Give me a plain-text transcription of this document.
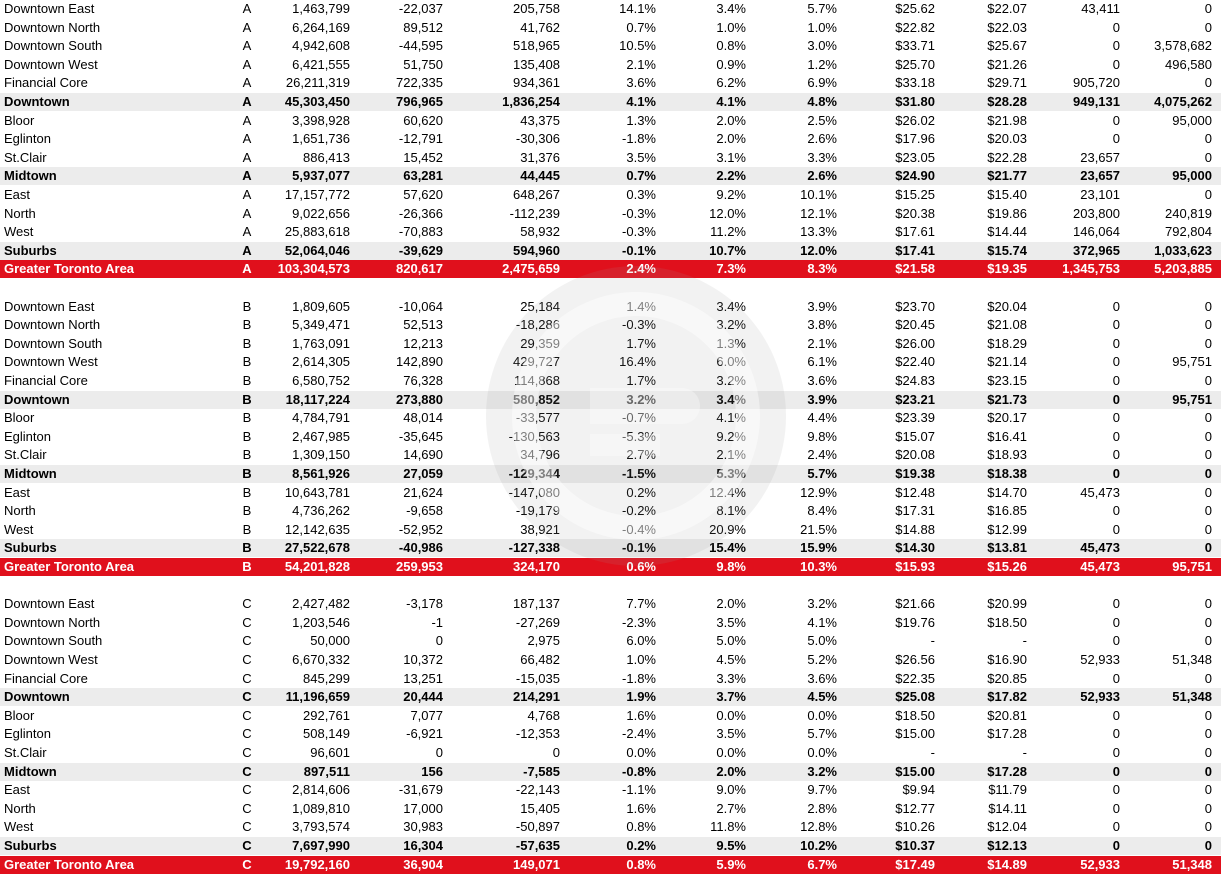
Downtown East	A	1,463,799	-22,037	205,758	14.1%	3.4%	5.7%	$25.62	$22.07	43,411	0
Downtown North	A	6,264,169	89,512	41,762	0.7%	1.0%	1.0%	$22.82	$22.03	0	0
Downtown South	A	4,942,608	-44,595	518,965	10.5%	0.8%	3.0%	$33.71	$25.67	0	3,578,682
Downtown West	A	6,421,555	51,750	135,408	2.1%	0.9%	1.2%	$25.70	$21.26	0	496,580
Financial Core	A	26,211,319	722,335	934,361	3.6%	6.2%	6.9%	$33.18	$29.71	905,720	0
Downtown	A	45,303,450	796,965	1,836,254	4.1%	4.1%	4.8%	$31.80	$28.28	949,131	4,075,262
Bloor	A	3,398,928	60,620	43,375	1.3%	2.0%	2.5%	$26.02	$21.98	0	95,000
Eglinton	A	1,651,736	-12,791	-30,306	-1.8%	2.0%	2.6%	$17.96	$20.03	0	0
St.Clair	A	886,413	15,452	31,376	3.5%	3.1%	3.3%	$23.05	$22.28	23,657	0
Midtown	A	5,937,077	63,281	44,445	0.7%	2.2%	2.6%	$24.90	$21.77	23,657	95,000
East	A	17,157,772	57,620	648,267	0.3%	9.2%	10.1%	$15.25	$15.40	23,101	0
North	A	9,022,656	-26,366	-112,239	-0.3%	12.0%	12.1%	$20.38	$19.86	203,800	240,819
West	A	25,883,618	-70,883	58,932	-0.3%	11.2%	13.3%	$17.61	$14.44	146,064	792,804
Suburbs	A	52,064,046	-39,629	594,960	-0.1%	10.7%	12.0%	$17.41	$15.74	372,965	1,033,623
Greater Toronto Area	A 103,304,573	820,617	2,475,659	2.4%	7.3%	8.3%	$21.58	$19.35	1,345,753	5,203,885
Downtown East	B	1,809,605	-10,064	25,184	1.4%	3.4%	3.9%	$23.70	$20.04	0	0
Downtown North	B	5,349,471	52,513	-18,286	-0.3%	3.2%	3.8%	$20.45	$21.08	0	0
Downtown South	B	1,763,091	12,213	29,359	1.7%	1.3%	2.1%	$26.00	$18.29	0	0
Downtown West	B	2,614,305	142,890	429,727	16.4%	6.0%	6.1%	$22.40	$21.14	0	95,751
Financial Core	B	6,580,752	76,328	114,868	1.7%	3.2%	3.6%	$24.83	$23.15	0	0
Downtown	B	18,117,224	273,880	580,852	3.2%	3.4%	3.9%	$23.21	$21.73	0	95,751
Bloor	B	4,784,791	48,014	-33,577	-0.7%	4.1%	4.4%	$23.39	$20.17	0	0
Eglinton	B	2,467,985	-35,645	-130,563	-5.3%	9.2%	9.8%	$15.07	$16.41	0	0
St.Clair	B	1,309,150	14,690	34,796	2.7%	2.1%	2.4%	$20.08	$18.93	0	0
Midtown	B	8,561,926	27,059	-129,344	-1.5%	5.3%	5.7%	$19.38	$18.38	0	0
East	B	10,643,781	21,624	-147,080	0.2%	12.4%	12.9%	$12.48	$14.70	45,473	0
North	B	4,736,262	-9,658	-19,179	-0.2%	8.1%	8.4%	$17.31	$16.85	0	0
West	B	12,142,635	-52,952	38,921	-0.4%	20.9%	21.5%	$14.88	$12.99	0	0
Suburbs	B	27,522,678	-40,986	-127,338	-0.1%	15.4%	15.9%	$14.30	$13.81	45,473	0
Greater Toronto Area	B	54,201,828	259,953	324,170	0.6%	9.8%	10.3%	$15.93	$15.26	45,473	95,751
Downtown East	C	2,427,482	-3,178	187,137	7.7%	2.0%	3.2%	$21.66	$20.99	0	0
Downtown North	C	1,203,546	-1	-27,269	-2.3%	3.5%	4.1%	$19.76	$18.50	0	0
Downtown South	C	50,000	0	2,975	6.0%	5.0%	5.0%	-	-	0	0
Downtown West	C	6,670,332	10,372	66,482	1.0%	4.5%	5.2%	$26.56	$16.90	52,933	51,348
Financial Core	C	845,299	13,251	-15,035	-1.8%	3.3%	3.6%	$22.35	$20.85	0	0
Downtown	C	11,196,659	20,444	214,291	1.9%	3.7%	4.5%	$25.08	$17.82	52,933	51,348
Bloor	C	292,761	7,077	4,768	1.6%	0.0%	0.0%	$18.50	$20.81	0	0
Eglinton	C	508,149	-6,921	-12,353	-2.4%	3.5%	5.7%	$15.00	$17.28	0	0
St.Clair	C	96,601	0	0	0.0%	0.0%	0.0%	-	-	0	0
Midtown	C	897,511	156	-7,585	-0.8%	2.0%	3.2%	$15.00	$17.28	0	0
East	C	2,814,606	-31,679	-22,143	-1.1%	9.0%	9.7%	$9.94	$11.79	0	0
North	C	1,089,810	17,000	15,405	1.6%	2.7%	2.8%	$12.77	$14.11	0	0
West	C	3,793,574	30,983	-50,897	0.8%	11.8%	12.8%	$10.26	$12.04	0	0
Suburbs	C	7,697,990	16,304	-57,635	0.2%	9.5%	10.2%	$10.37	$12.13	0	0
Greater Toronto Area	C	19,792,160	36,904	149,071	0.8%	5.9%	6.7%	$17.49	$14.89	52,933	51,348
